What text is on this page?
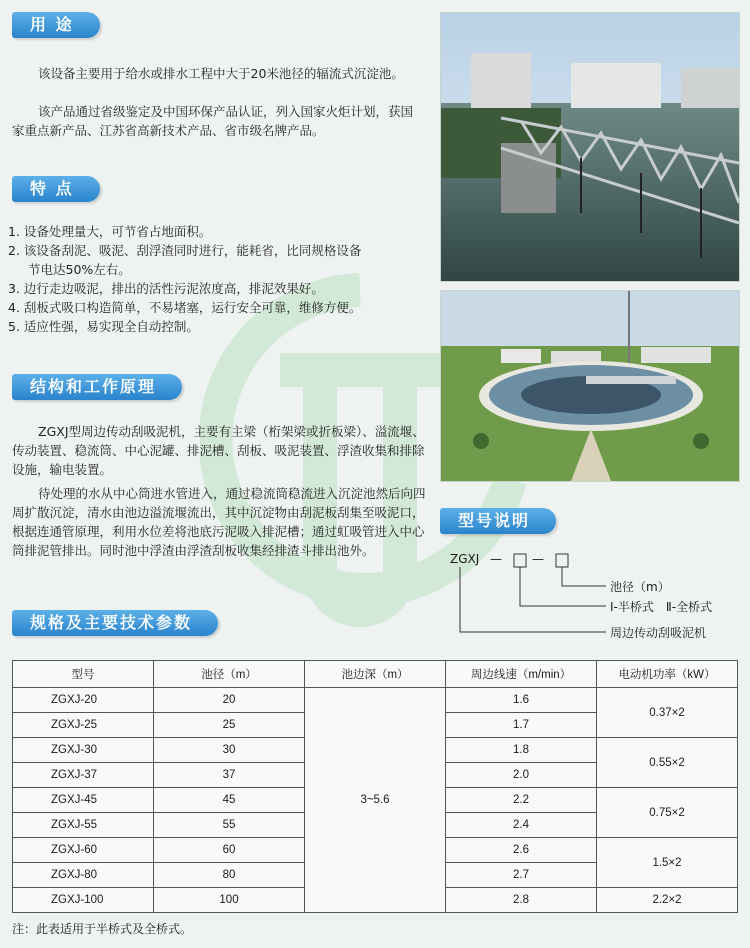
用 途
该设备主要用于给水或排水工程中大于20米池径的辐流式沉淀池。
该产品通过省级鉴定及中国环保产品认证，列入国家火炬计划，获国家重点新产品、江苏省高新技术产品、省市级名牌产品。
特 点
1. 设备处理量大，可节省占地面积。
2. 该设备刮泥、吸泥、刮浮渣同时进行，能耗省，比同规格设备
节电达50%左右。
3. 边行走边吸泥，排出的活性污泥浓度高，排泥效果好。
4. 刮板式吸口构造简单，不易堵塞，运行安全可靠，维修方便。
5. 适应性强，易实现全自动控制。
结构和工作原理
ZGXJ型周边传动刮吸泥机，主要有主梁（桁架梁或折板梁）、溢流堰、传动装置、稳流筒、中心泥罐、排泥槽、刮板、吸泥装置、浮渣收集和排除设施，输电装置。
待处理的水从中心筒进水管进入，通过稳流筒稳流进入沉淀池然后向四周扩散沉淀，清水由池边溢流堰流出，其中沉淀物由刮泥板刮集至吸泥口，根据连通管原理，利用水位差将池底污泥吸入排泥槽；通过虹吸管进入中心筒排泥管排出。同时池中浮渣由浮渣刮板收集经排渣斗排出池外。
型号说明
ZGXJ —	—
池径（m）
Ⅰ-半桥式　Ⅱ-全桥式
周边传动刮吸泥机
规格及主要技术参数
型号	池径（m）	池边深（m）	周边线速（m/min）	电动机功率（kW）
ZGXJ-20	20	3~5.6	1.6	0.37×2
ZGXJ-25	25		1.7	
ZGXJ-30	30		1.8	0.55×2
ZGXJ-37	37		2.0	
ZGXJ-45	45		2.2	0.75×2
ZGXJ-55	55		2.4	
ZGXJ-60	60		2.6	1.5×2
ZGXJ-80	80		2.7	
ZGXJ-100	100		2.8	2.2×2
注：此表适用于半桥式及全桥式。
